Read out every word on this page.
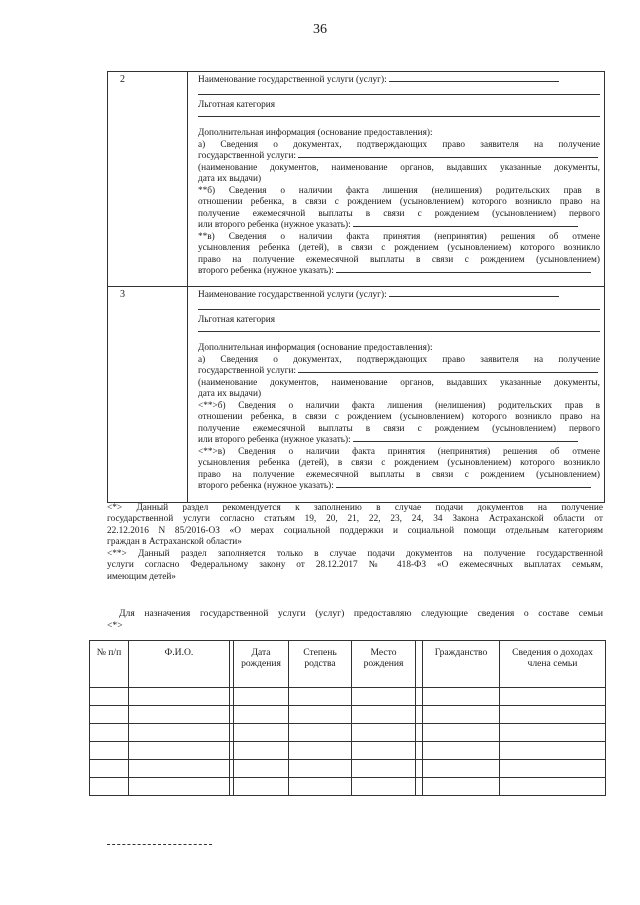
36
2	Наименование государственной услуги (услуг):
Льготная категория
Дополнительная информация (основание предоставления):
а) Сведения о документах, подтверждающих право заявителя на получение
государственной услуги:
(наименование документов, наименование органов, выдавших указанные документы,
дата их выдачи)
**б) Сведения о наличии факта лишения (нелишения) родительских прав в
отношении ребенка, в связи с рождением (усыновлением) которого возникло право на
получение ежемесячной выплаты в связи с рождением (усыновлением) первого
или второго ребенка (нужное указать):
**в) Сведения о наличии факта принятия (непринятия) решения об отмене
усыновления ребенка (детей), в связи с рождением (усыновлением) которого возникло
право на получение ежемесячной выплаты в связи с рождением (усыновлением)
второго ребенка (нужное указать):
3	Наименование государственной услуги (услуг):
Льготная категория
Дополнительная информация (основание предоставления):
а) Сведения о документах, подтверждающих право заявителя на получение
государственной услуги:
(наименование документов, наименование органов, выдавших указанные документы,
дата их выдачи)
<**>б) Сведения о наличии факта лишения (нелишения) родительских прав в
отношении ребенка, в связи с рождением (усыновлением) которого возникло право на
получение ежемесячной выплаты в связи с рождением (усыновлением) первого
или второго ребенка (нужное указать):
<**>в) Сведения о наличии факта принятия (непринятия) решения об отмене
усыновления ребенка (детей), в связи с рождением (усыновлением) которого возникло
право на получение ежемесячной выплаты в связи с рождением (усыновлением)
второго ребенка (нужное указать):
<*> Данный раздел рекомендуется к заполнению в случае подачи документов на получение
государственной услуги согласно статьям 19, 20, 21, 22, 23, 24, 34 Закона Астраханской области от
22.12.2016 N 85/2016-ОЗ «О мерах социальной поддержки и социальной помощи отдельным категориям
граждан в Астраханской области»
<**> Данный раздел заполняется только в случае подачи документов на получение государственной
услуги согласно Федеральному закону от 28.12.2017 № 418-ФЗ «О ежемесячных выплатах семьям,
имеющим детей»
Для назначения государственной услуги (услуг) предоставляю следующие сведения о составе семьи
<*>
№ п/п	Ф.И.О.		Дата рождения	Степень родства	Место рождения		Гражданство	Сведения о доходах члена семьи
